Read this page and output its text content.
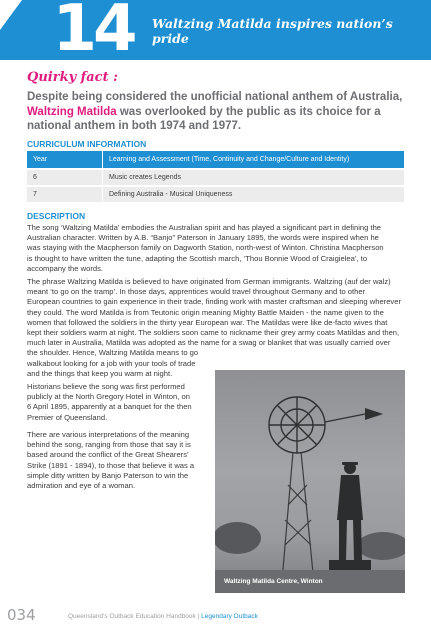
14	Waltzing Matilda inspires nation’s pride
Quirky fact :
Despite being considered the unofficial national anthem of Australia,
Waltzing Matilda was overlooked by the public as its choice for a national anthem in both 1974 and 1977.
CURRICULUM INFORMATION
Year	Learning and Assessment (Time, Continuity and Change/Culture and Identity)
6	Music creates Legends
7	Defining Australia - Musical Uniqueness
DESCRIPTION
The song ‘Waltzing Matilda’ embodies the Australian spirit and has played a significant part in defining the
Australian character. Written by A.B. “Banjo” Paterson in January 1895, the words were inspired when he
was staying with the Macpherson family on Dagworth Station, north-west of Winton. Christina Macpherson
is thought to have written the tune, adapting the Scottish march, ‘Thou Bonnie Wood of Craigielea’, to
accompany the words.
The phrase Waltzing Matilda is believed to have originated from German immigrants. Waltzing (auf der walz)
meant ‘to go on the tramp’. In those days, apprentices would travel throughout Germany and to other
European countries to gain experience in their trade, finding work with master craftsman and sleeping wherever
they could. The word Matilda is from Teutonic origin meaning Mighty Battle Maiden - the name given to the
women that followed the soldiers in the thirty year European war. The Matildas were like de-facto wives that
kept their soldiers warm at night. The soldiers soon came to nickname their grey army coats Matildas and then,
much later in Australia, Matilda was adopted as the name for a swag or blanket that was usually carried over
the shoulder. Hence, Waltzing Matilda means to go
walkabout looking for a job with your tools of trade
and the things that keep you warm at night.
Historians believe the song was first performed
publicly at the North Gregory Hotel in Winton, on
6 April 1895, apparently at a banquet for the then
Premier of Queensland.
There are various interpretations of the meaning
behind the song, ranging from those that say it is
based around the conflict of the Great Shearers’
Strike (1891 - 1894), to those that believe it was a
simple ditty written by Banjo Paterson to win the
admiration and eye of a woman.
Waltzing Matilda Centre, Winton
034	Queensland’s Outback Education Handbook | Legendary Outback
